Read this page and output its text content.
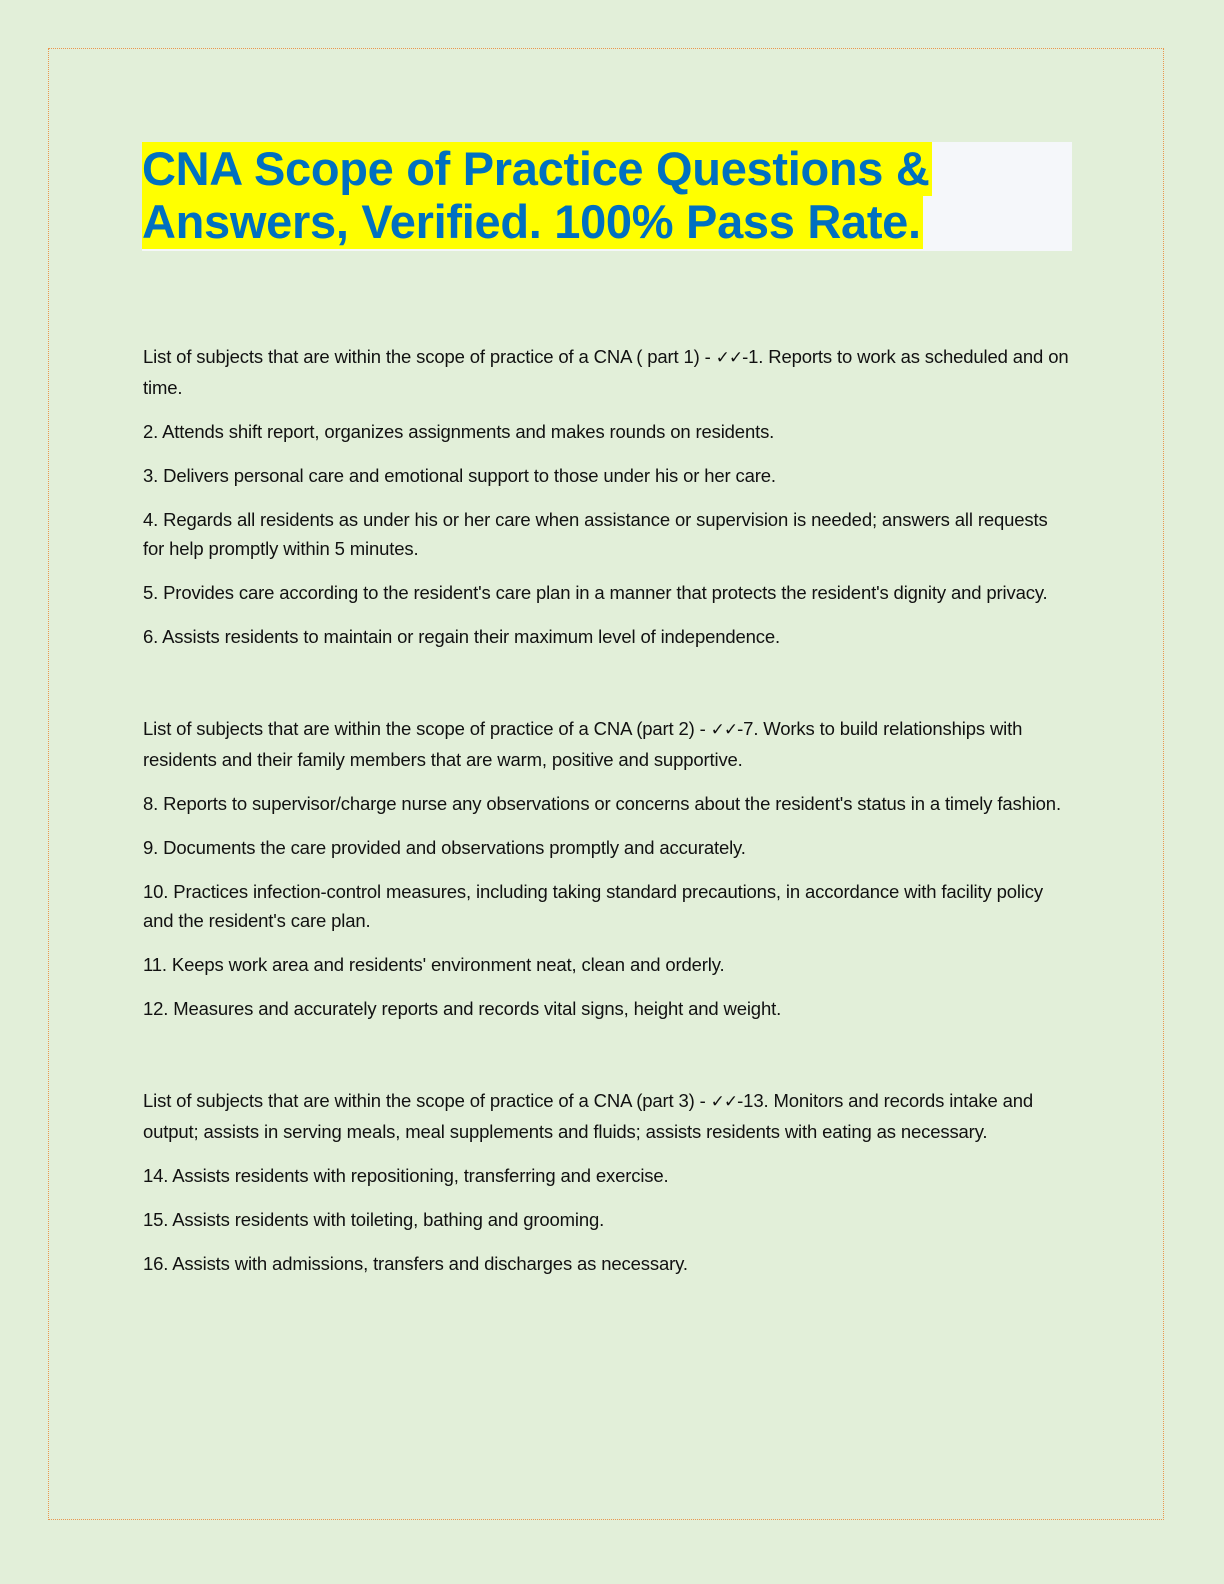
CNA Scope of Practice Questions &
Answers, Verified. 100% Pass Rate.

List of subjects that are within the scope of practice of a CNA ( part 1) - ✓✓-1. Reports to work as scheduled and on time.

2. Attends shift report, organizes assignments and makes rounds on residents.

3. Delivers personal care and emotional support to those under his or her care.

4. Regards all residents as under his or her care when assistance or supervision is needed; answers all requests for help promptly within 5 minutes.

5. Provides care according to the resident's care plan in a manner that protects the resident's dignity and privacy.

6. Assists residents to maintain or regain their maximum level of independence.

List of subjects that are within the scope of practice of a CNA (part 2) - ✓✓-7. Works to build relationships with residents and their family members that are warm, positive and supportive.

8. Reports to supervisor/charge nurse any observations or concerns about the resident's status in a timely fashion.

9. Documents the care provided and observations promptly and accurately.

10. Practices infection-control measures, including taking standard precautions, in accordance with facility policy and the resident's care plan.

11. Keeps work area and residents' environment neat, clean and orderly.

12. Measures and accurately reports and records vital signs, height and weight.

List of subjects that are within the scope of practice of a CNA (part 3) - ✓✓-13. Monitors and records intake and output; assists in serving meals, meal supplements and fluids; assists residents with eating as necessary.

14. Assists residents with repositioning, transferring and exercise.

15. Assists residents with toileting, bathing and grooming.

16. Assists with admissions, transfers and discharges as necessary.
